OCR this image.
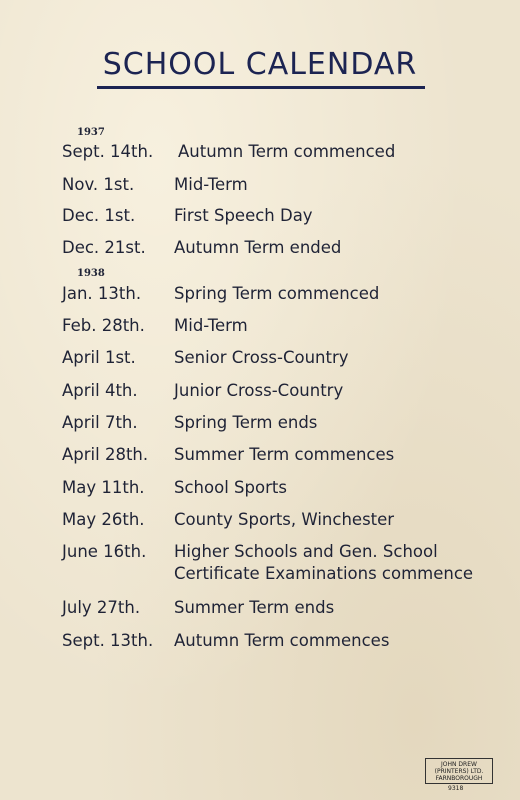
SCHOOL CALENDAR
1937
1938
Sept. 14th. Autumn Term commenced
Nov. 1st. Mid-Term
Dec. 1st. First Speech Day
Dec. 21st. Autumn Term ended
Jan. 13th. Spring Term commenced
Feb. 28th. Mid-Term
April 1st. Senior Cross-Country
April 4th. Junior Cross-Country
April 7th. Spring Term ends
April 28th. Summer Term commences
May 11th. School Sports
May 26th. County Sports, Winchester
June 16th. Higher Schools and Gen. School
Certificate Examinations commence
July 27th. Summer Term ends
Sept. 13th. Autumn Term commences
JOHN DREW
(PRINTERS) LTD.
FARNBOROUGH
9318
